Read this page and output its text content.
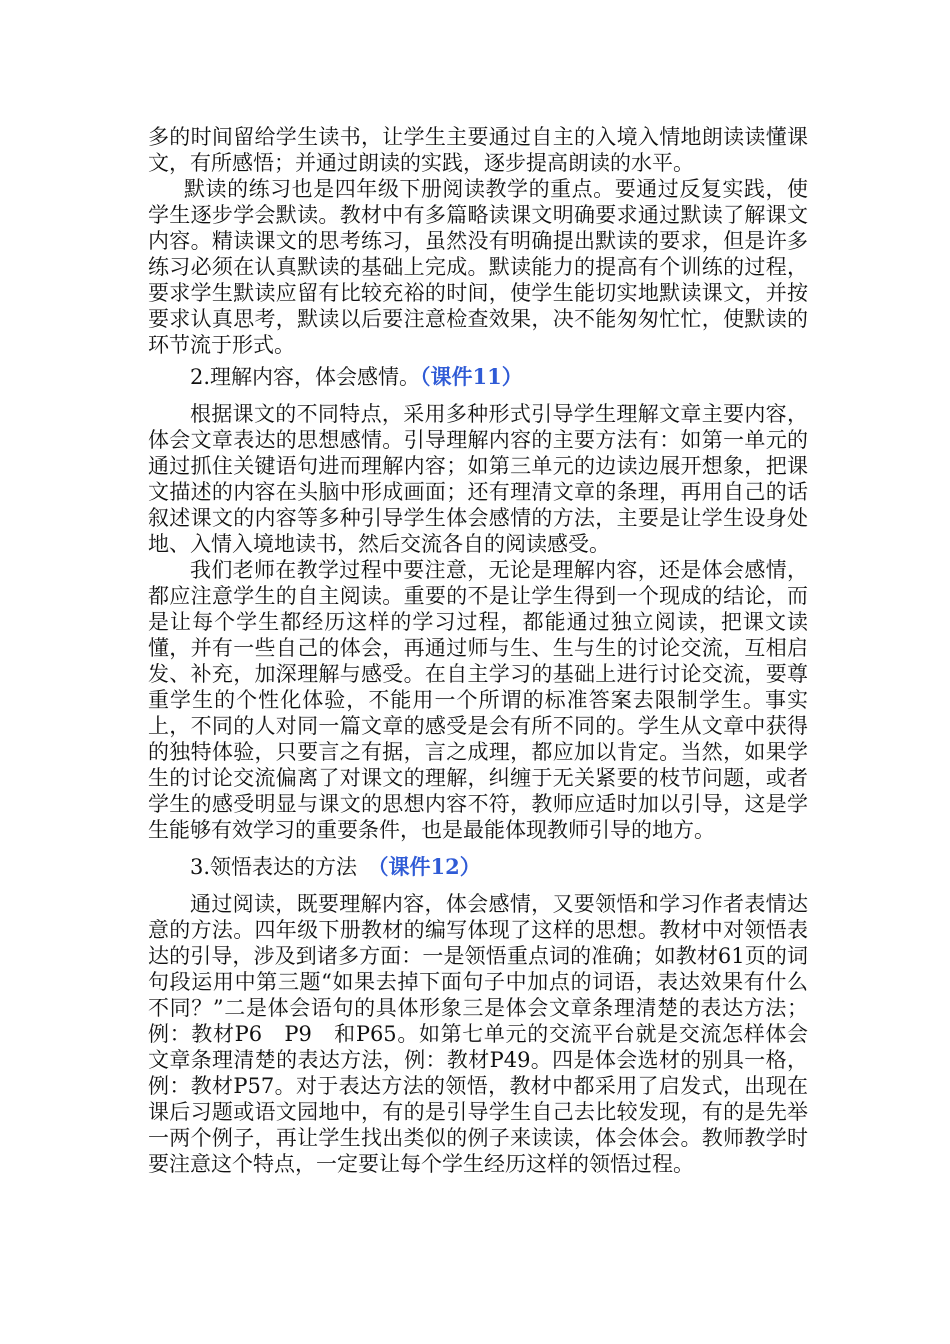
多的时间留给学生读书，让学生主要通过自主的入境入情地朗读读懂课文，有所感悟；并通过朗读的实践，逐步提高朗读的水平。

默读的练习也是四年级下册阅读教学的重点。要通过反复实践，使学生逐步学会默读。教材中有多篇略读课文明确要求通过默读了解课文内容。精读课文的思考练习，虽然没有明确提出默读的要求，但是许多练习必须在认真默读的基础上完成。默读能力的提高有个训练的过程，要求学生默读应留有比较充裕的时间，使学生能切实地默读课文，并按要求认真思考，默读以后要注意检查效果，决不能匆匆忙忙，使默读的环节流于形式。

2.理解内容，体会感情。（课件11）

根据课文的不同特点，采用多种形式引导学生理解文章主要内容，体会文章表达的思想感情。引导理解内容的主要方法有：如第一单元的通过抓住关键语句进而理解内容；如第三单元的边读边展开想象，把课文描述的内容在头脑中形成画面；还有理清文章的条理，再用自己的话叙述课文的内容等多种引导学生体会感情的方法，主要是让学生设身处地、入情入境地读书，然后交流各自的阅读感受。

我们老师在教学过程中要注意，无论是理解内容，还是体会感情，都应注意学生的自主阅读。重要的不是让学生得到一个现成的结论，而是让每个学生都经历这样的学习过程，都能通过独立阅读，把课文读懂，并有一些自己的体会，再通过师与生、生与生的讨论交流，互相启发、补充，加深理解与感受。在自主学习的基础上进行讨论交流，要尊重学生的个性化体验，不能用一个所谓的标准答案去限制学生。事实上，不同的人对同一篇文章的感受是会有所不同的。学生从文章中获得的独特体验，只要言之有据，言之成理，都应加以肯定。当然，如果学生的讨论交流偏离了对课文的理解，纠缠于无关紧要的枝节问题，或者学生的感受明显与课文的思想内容不符，教师应适时加以引导，这是学生能够有效学习的重要条件，也是最能体现教师引导的地方。

3.领悟表达的方法　（课件12）

通过阅读，既要理解内容，体会感情，又要领悟和学习作者表情达意的方法。四年级下册教材的编写体现了这样的思想。教材中对领悟表达的引导，涉及到诸多方面：一是领悟重点词的准确；如教材61页的词句段运用中第三题“如果去掉下面句子中加点的词语，表达效果有什么不同？”二是体会语句的具体形象三是体会文章条理清楚的表达方法；例：教材P6　P9　和P65。如第七单元的交流平台就是交流怎样体会文章条理清楚的表达方法，例：教材P49。四是体会选材的别具一格，例：教材P57。对于表达方法的领悟，教材中都采用了启发式，出现在课后习题或语文园地中，有的是引导学生自己去比较发现，有的是先举一两个例子，再让学生找出类似的例子来读读，体会体会。教师教学时要注意这个特点，一定要让每个学生经历这样的领悟过程。
